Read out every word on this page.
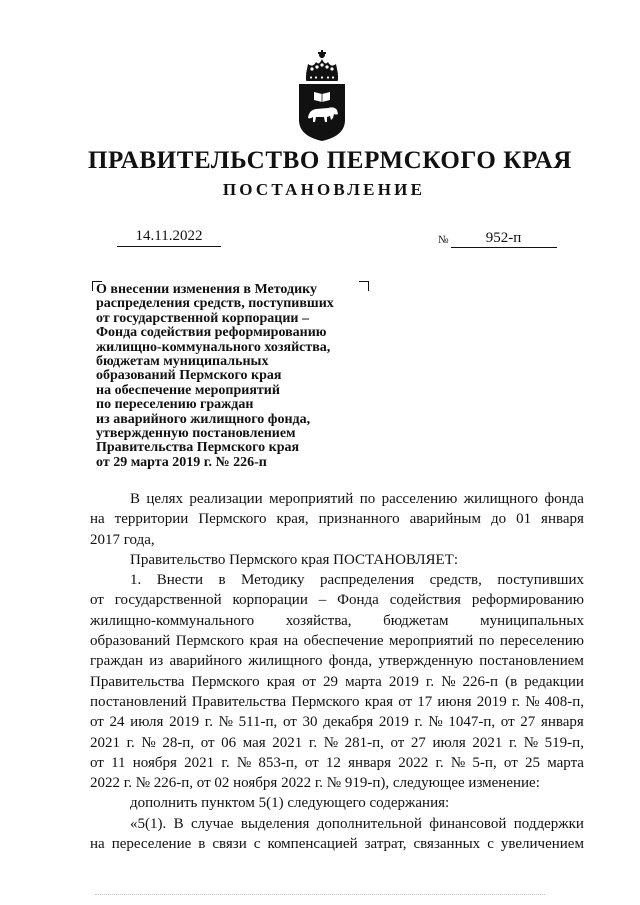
ПРАВИТЕЛЬСТВО ПЕРМСКОГО КРАЯ
ПОСТАНОВЛЕНИЕ
14.11.2022	№ 952-п
О внесении изменения в Методику
распределения средств, поступивших
от государственной корпорации –
Фонда содействия реформированию
жилищно-коммунального хозяйства,
бюджетам муниципальных
образований Пермского края
на обеспечение мероприятий
по переселению граждан
из аварийного жилищного фонда,
утвержденную постановлением
Правительства Пермского края
от 29 марта 2019 г. № 226-п
В целях реализации мероприятий по расселению жилищного фонда
на территории Пермского края, признанного аварийным до 01 января
2017 года,
Правительство Пермского края ПОСТАНОВЛЯЕТ:
1. Внести в Методику распределения средств, поступивших
от государственной корпорации – Фонда содействия реформированию
жилищно-коммунального хозяйства, бюджетам муниципальных
образований Пермского края на обеспечение мероприятий по переселению
граждан из аварийного жилищного фонда, утвержденную постановлением
Правительства Пермского края от 29 марта 2019 г. № 226-п (в редакции
постановлений Правительства Пермского края от 17 июня 2019 г. № 408-п,
от 24 июля 2019 г. № 511-п, от 30 декабря 2019 г. № 1047-п, от 27 января
2021 г. № 28-п, от 06 мая 2021 г. № 281-п, от 27 июля 2021 г. № 519-п,
от 11 ноября 2021 г. № 853-п, от 12 января 2022 г. № 5-п, от 25 марта
2022 г. № 226-п, от 02 ноября 2022 г. № 919-п), следующее изменение:
дополнить пунктом 5(1) следующего содержания:
«5(1). В случае выделения дополнительной финансовой поддержки
на переселение в связи с компенсацией затрат, связанных с увеличением
